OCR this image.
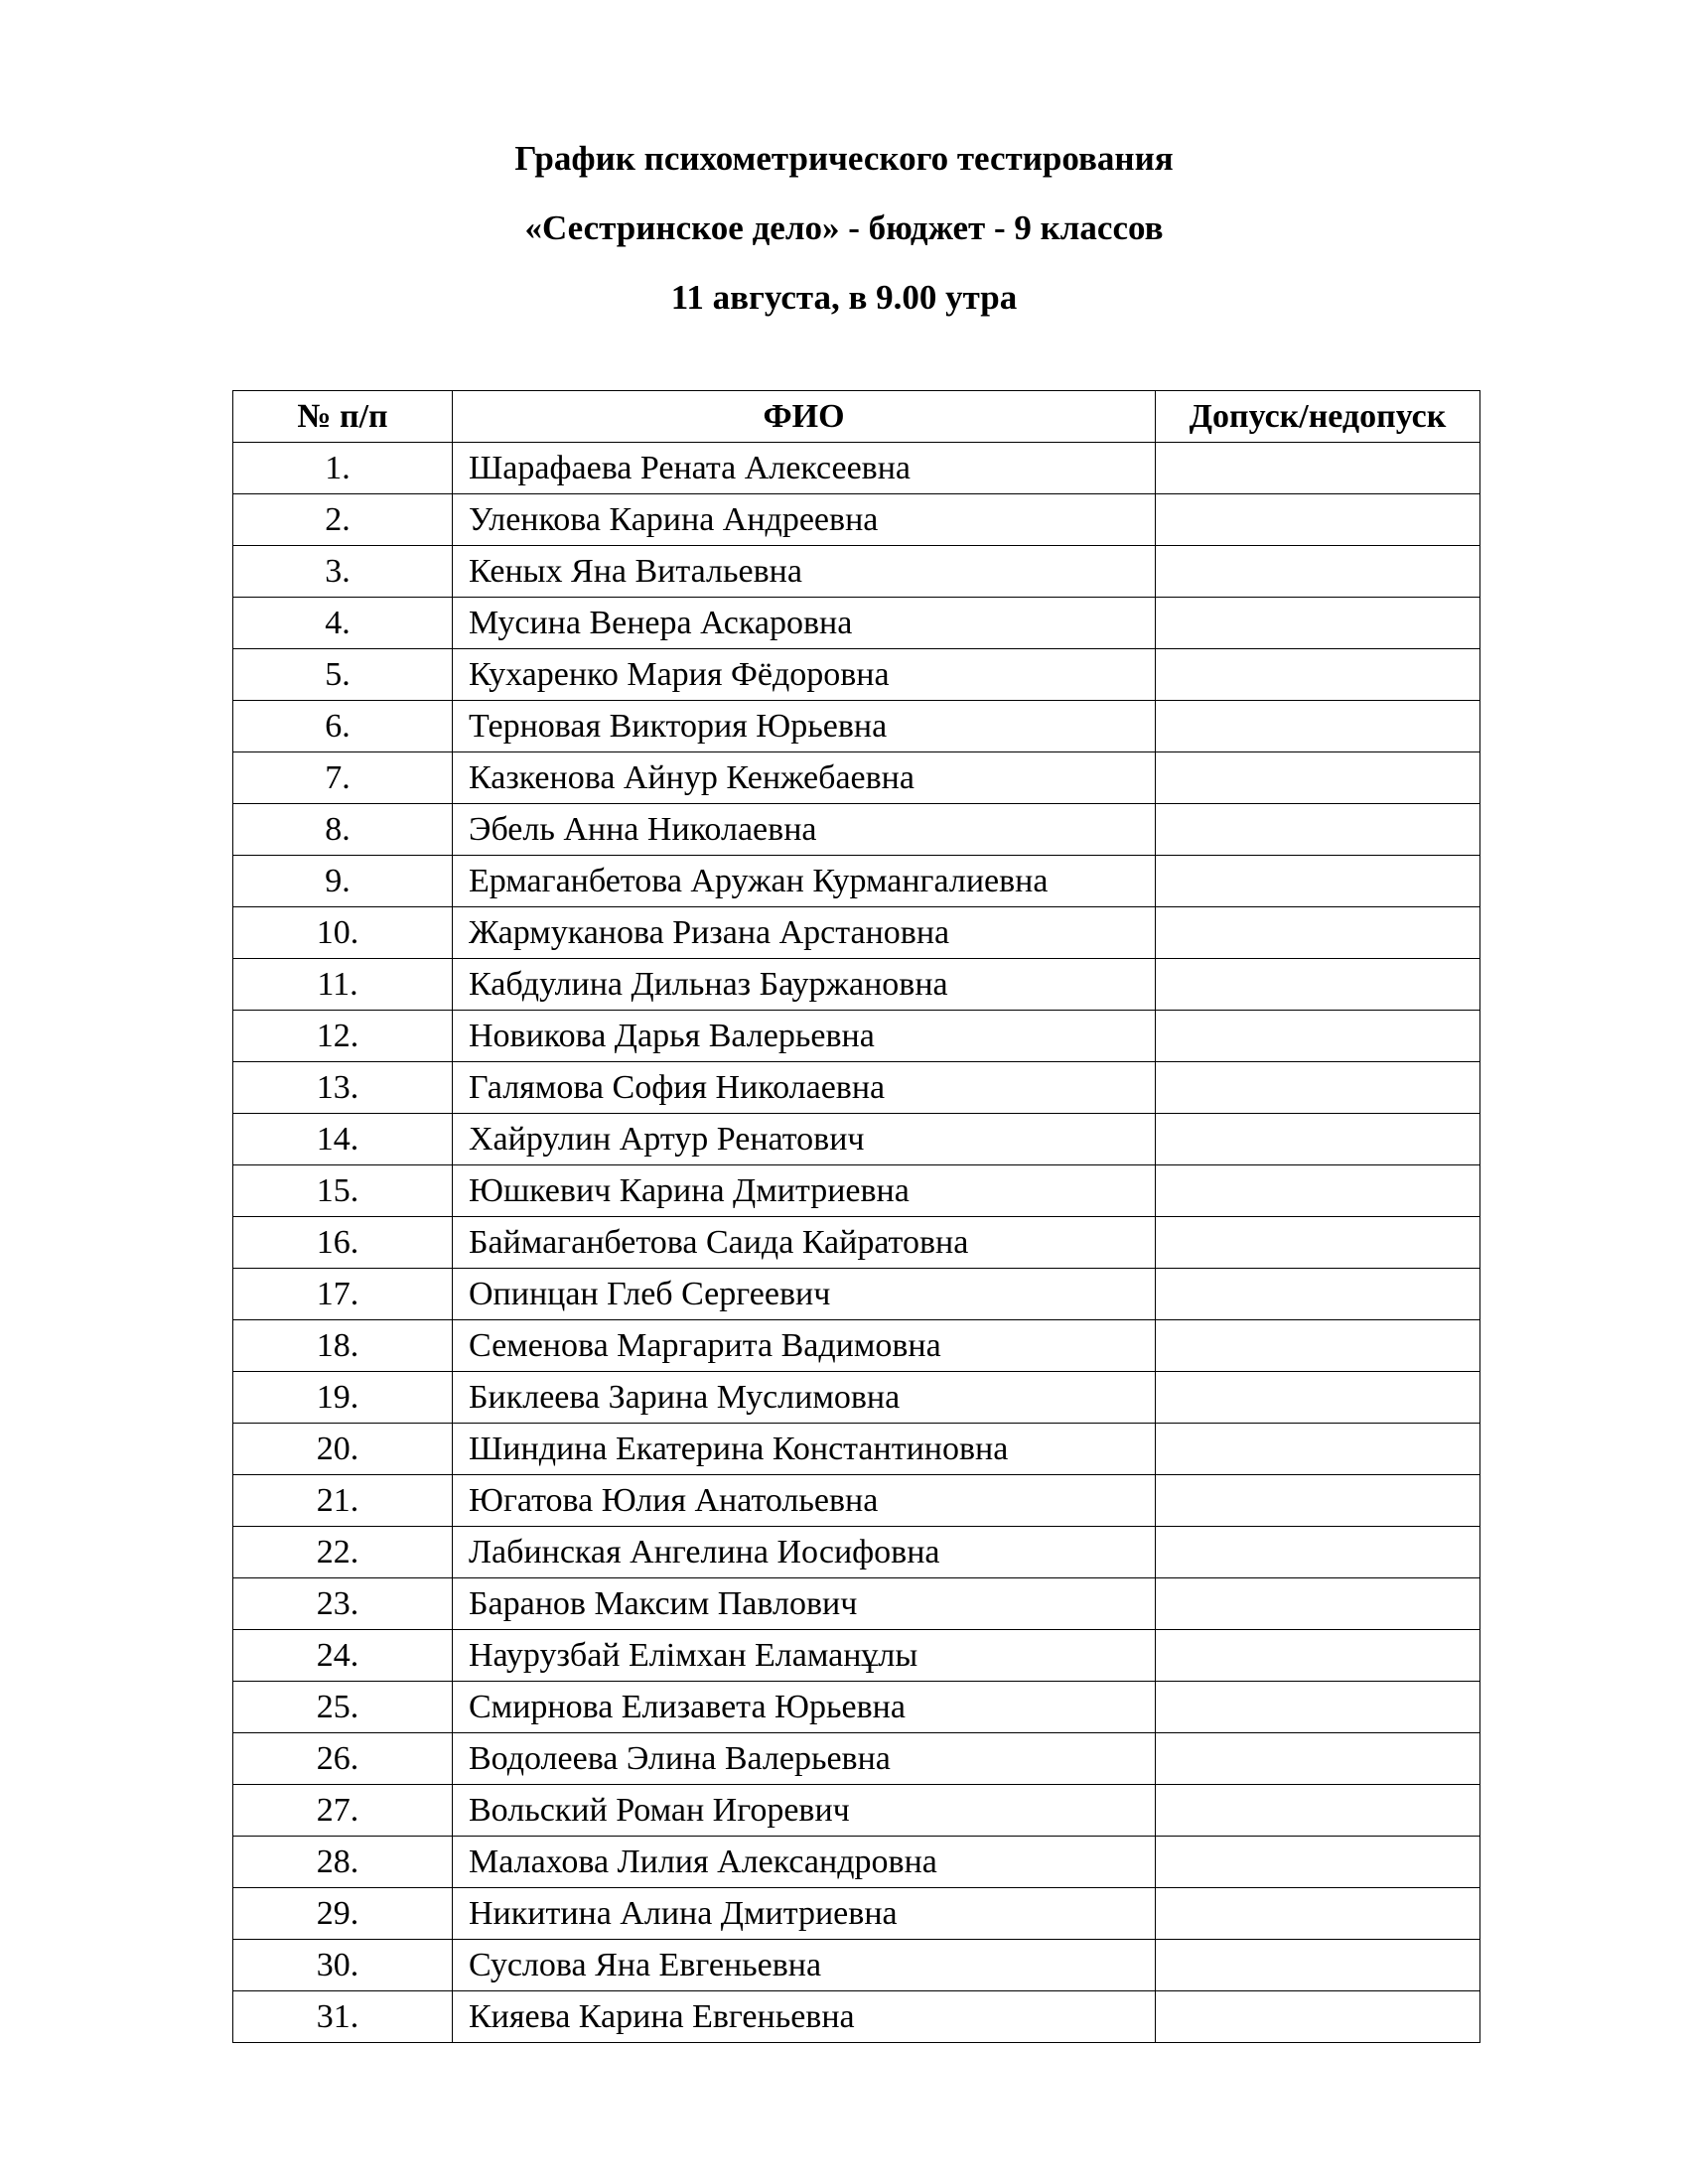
График психометрического тестирования
«Сестринское дело» - бюджет - 9 классов
11 августа, в 9.00 утра
№ п/п	ФИО	Допуск/недопуск
1.	Шарафаева Рената Алексеевна	
2.	Уленкова Карина Андреевна	
3.	Кеных Яна Витальевна	
4.	Мусина Венера Аскаровна	
5.	Кухаренко Мария Фёдоровна	
6.	Терновая Виктория Юрьевна	
7.	Казкенова Айнур Кенжебаевна	
8.	Эбель Анна Николаевна	
9.	Ермаганбетова Аружан Курмангалиевна	
10.	Жармуканова Ризана Арстановна	
11.	Кабдулина Дильназ Бауржановна	
12.	Новикова Дарья Валерьевна	
13.	Галямова София Николаевна	
14.	Хайрулин Артур Ренатович	
15.	Юшкевич Карина Дмитриевна	
16.	Баймаганбетова Саида Кайратовна	
17.	Опинцан Глеб Сергеевич	
18.	Семенова Маргарита Вадимовна	
19.	Биклеева Зарина Муслимовна	
20.	Шиндина Екатерина Константиновна	
21.	Югатова Юлия Анатольевна	
22.	Лабинская Ангелина Иосифовна	
23.	Баранов Максим Павлович	
24.	Наурузбай Елімхан Еламанұлы	
25.	Смирнова Елизавета Юрьевна	
26.	Водолеева Элина Валерьевна	
27.	Вольский Роман Игоревич	
28.	Малахова Лилия Александровна	
29.	Никитина Алина Дмитриевна	
30.	Суслова Яна Евгеньевна	
31.	Кияева Карина Евгеньевна	
